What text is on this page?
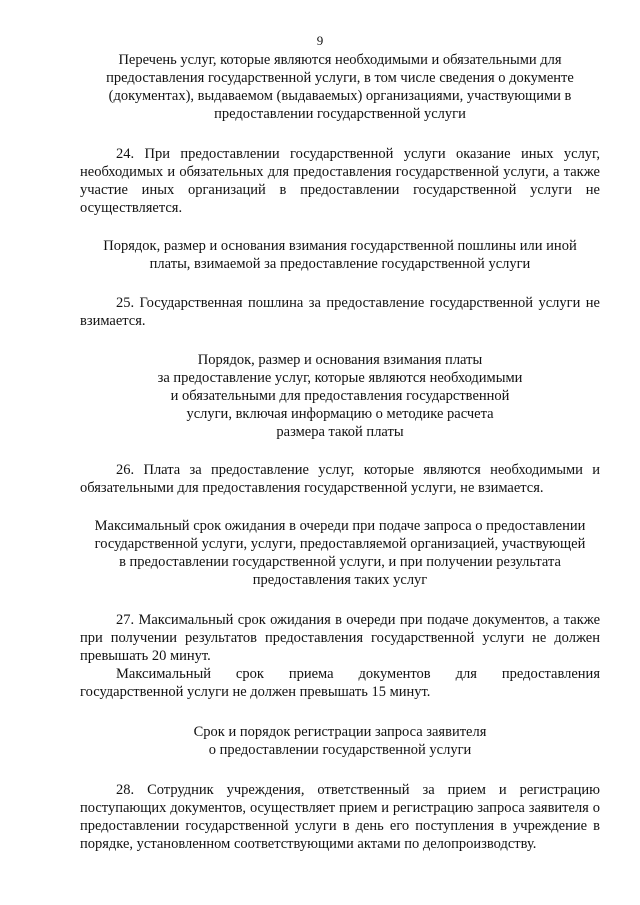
9
Перечень услуг, которые являются необходимыми и обязательными для
предоставления государственной услуги, в том числе сведения о документе
(документах), выдаваемом (выдаваемых) организациями, участвующими в
предоставлении государственной услуги

24. При предоставлении государственной услуги оказание иных услуг, необходимых и обязательных для предоставления государственной услуги, а также участие иных организаций в предоставлении государственной услуги не осуществляется.

Порядок, размер и основания взимания государственной пошлины или иной
платы, взимаемой за предоставление государственной услуги

25. Государственная пошлина за предоставление государственной услуги не взимается.

Порядок, размер и основания взимания платы
за предоставление услуг, которые являются необходимыми
и обязательными для предоставления государственной
услуги, включая информацию о методике расчета
размера такой платы

26. Плата за предоставление услуг, которые являются необходимыми и обязательными для предоставления государственной услуги, не взимается.

Максимальный срок ожидания в очереди при подаче запроса о предоставлении
государственной услуги, услуги, предоставляемой организацией, участвующей
в предоставлении государственной услуги, и при получении результата
предоставления таких услуг

27. Максимальный срок ожидания в очереди при подаче документов, а также при получении результатов предоставления государственной услуги не должен превышать 20 минут.

Максимальный срок приема документов для предоставления государственной услуги не должен превышать 15 минут.

Срок и порядок регистрации запроса заявителя
о предоставлении государственной услуги

28. Сотрудник учреждения, ответственный за прием и регистрацию поступающих документов, осуществляет прием и регистрацию запроса заявителя о предоставлении государственной услуги в день его поступления в учреждение в порядке, установленном соответствующими актами по делопроизводству.
